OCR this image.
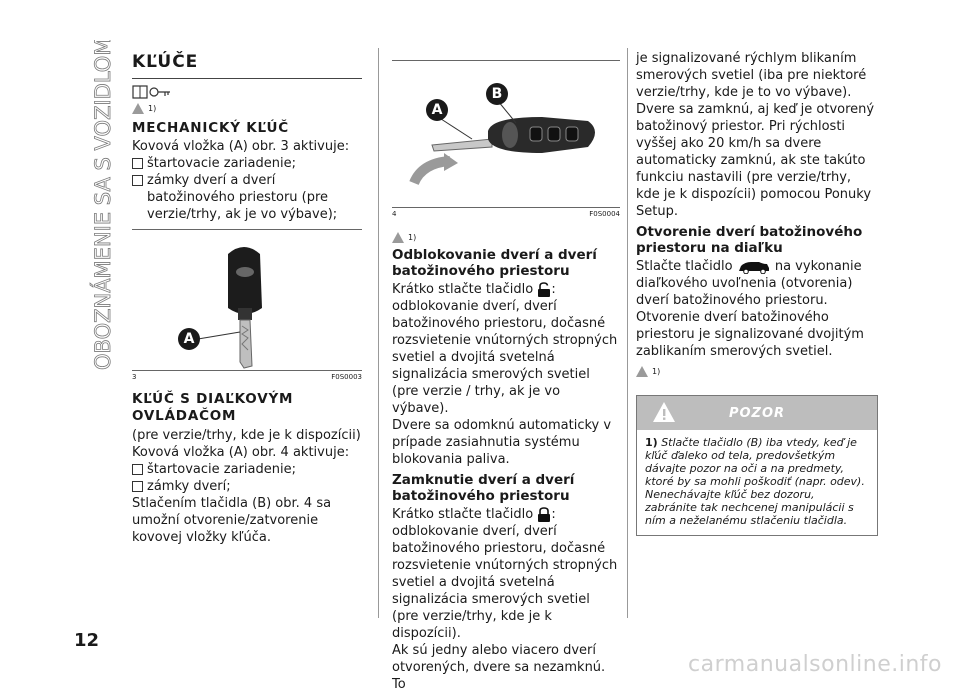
OBOZNÁMENIE SA S VOZIDLOM
12
carmanualsonline.info
KĽÚČE
1)
MECHANICKÝ KĽÚČ

Kovová vložka (A) obr. 3 aktivuje:

štartovacie zariadenie;
zámky dverí a dverí batožinového priestoru (pre verzie/trhy, ak je vo výbave);
A
3	F0S0003
KĽÚČ S DIAĽKOVÝM
OVLÁDAČOM

(pre verzie/trhy, kde je k dispozícii)

Kovová vložka (A) obr. 4 aktivuje:

štartovacie zariadenie;
zámky dverí;

Stlačením tlačidla (B) obr. 4 sa umožní otvorenie/zatvorenie kovovej vložky kľúča.

A
B
4	F0S0004
1)
Odblokovanie dverí a dverí batožinového priestoru

Krátko stlačte tlačidlo : odblokovanie dverí, dverí batožinového priestoru, dočasné rozsvietenie vnútorných stropných svetiel a dvojitá svetelná signalizácia smerových svetiel (pre verzie / trhy, ak je vo výbave).

Dvere sa odomknú automaticky v prípade zasiahnutia systému blokovania paliva.

Zamknutie dverí a dverí batožinového priestoru

Krátko stlačte tlačidlo : odblokovanie dverí, dverí batožinového priestoru, dočasné rozsvietenie vnútorných stropných svetiel a dvojitá svetelná signalizácia smerových svetiel (pre verzie/trhy, kde je k dispozícii).

Ak sú jedny alebo viacero dverí otvorených, dvere sa nezamknú. To

je signalizované rýchlym blikaním smerových svetiel (iba pre niektoré verzie/trhy, kde je to vo výbave).

Dvere sa zamknú, aj keď je otvorený batožinový priestor. Pri rýchlosti vyššej ako 20 km/h sa dvere automaticky zamknú, ak ste takúto funkciu nastavili (pre verzie/trhy, kde je k dispozícii) pomocou Ponuky Setup.

Otvorenie dverí batožinového priestoru na diaľku

Stlačte tlačidlo	na vykonanie diaľkového uvoľnenia (otvorenia) dverí batožinového priestoru.

Otvorenie dverí batožinového priestoru je signalizované dvojitým zablikaním smerových svetiel.

1)
POZOR
1) Stlačte tlačidlo (B) iba vtedy, keď je kľúč ďaleko od tela, predovšetkým dávajte pozor na oči a na predmety, ktoré by sa mohli poškodiť (napr. odev). Nenechávajte kľúč bez dozoru, zabránite tak nechcenej manipulácii s ním a neželanému stlačeniu tlačidla.
